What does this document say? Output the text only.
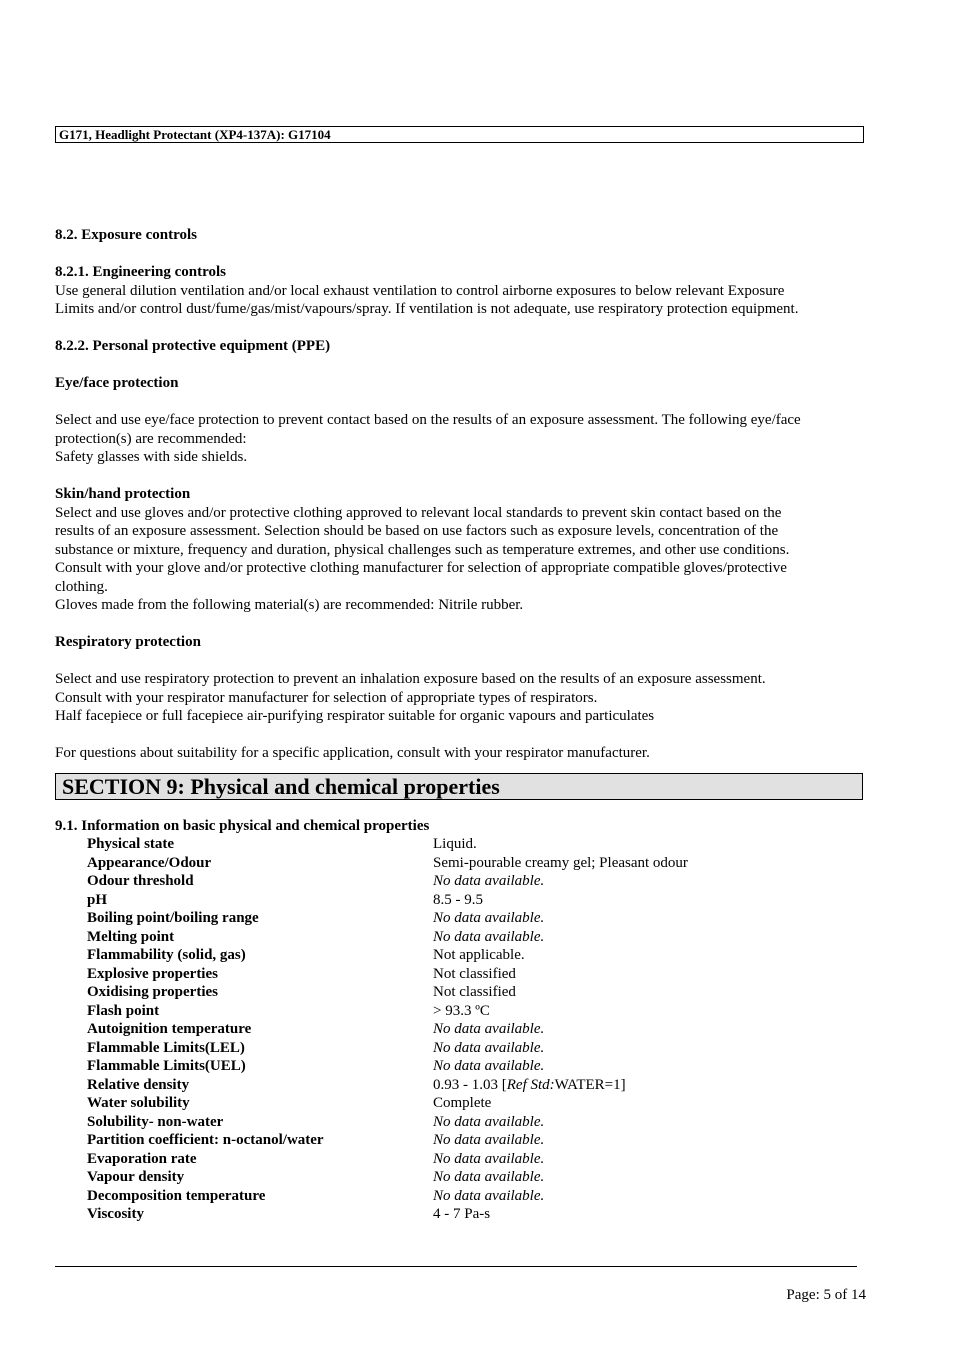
G171, Headlight Protectant (XP4-137A): G17104
8.2. Exposure controls
8.2.1. Engineering controls
Use general dilution ventilation and/or local exhaust ventilation to control airborne exposures to below relevant Exposure
Limits and/or control dust/fume/gas/mist/vapours/spray. If ventilation is not adequate, use respiratory protection equipment.
8.2.2. Personal protective equipment (PPE)
Eye/face protection
Select and use eye/face protection to prevent contact based on the results of an exposure assessment. The following eye/face
protection(s) are recommended:
Safety glasses with side shields.
Skin/hand protection
Select and use gloves and/or protective clothing approved to relevant local standards to prevent skin contact based on the
results of an exposure assessment. Selection should be based on use factors such as exposure levels, concentration of the
substance or mixture, frequency and duration, physical challenges such as temperature extremes, and other use conditions.
Consult with your glove and/or protective clothing manufacturer for selection of appropriate compatible gloves/protective
clothing.
Gloves made from the following material(s) are recommended: Nitrile rubber.
Respiratory protection
Select and use respiratory protection to prevent an inhalation exposure based on the results of an exposure assessment.
Consult with your respirator manufacturer for selection of appropriate types of respirators.
Half facepiece or full facepiece air-purifying respirator suitable for organic vapours and particulates
For questions about suitability for a specific application, consult with your respirator manufacturer.
SECTION 9: Physical and chemical properties
9.1. Information on basic physical and chemical properties
Physical state	Liquid.
Appearance/Odour	Semi-pourable creamy gel; Pleasant odour
Odour threshold	No data available.
pH	8.5 - 9.5
Boiling point/boiling range	No data available.
Melting point	No data available.
Flammability (solid, gas)	Not applicable.
Explosive properties	Not classified
Oxidising properties	Not classified
Flash point	> 93.3 ºC
Autoignition temperature	No data available.
Flammable Limits(LEL)	No data available.
Flammable Limits(UEL)	No data available.
Relative density	0.93 - 1.03 [Ref Std:WATER=1]
Water solubility	Complete
Solubility- non-water	No data available.
Partition coefficient: n-octanol/water	No data available.
Evaporation rate	No data available.
Vapour density	No data available.
Decomposition temperature	No data available.
Viscosity	4 - 7 Pa-s
Page: 5 of 14
